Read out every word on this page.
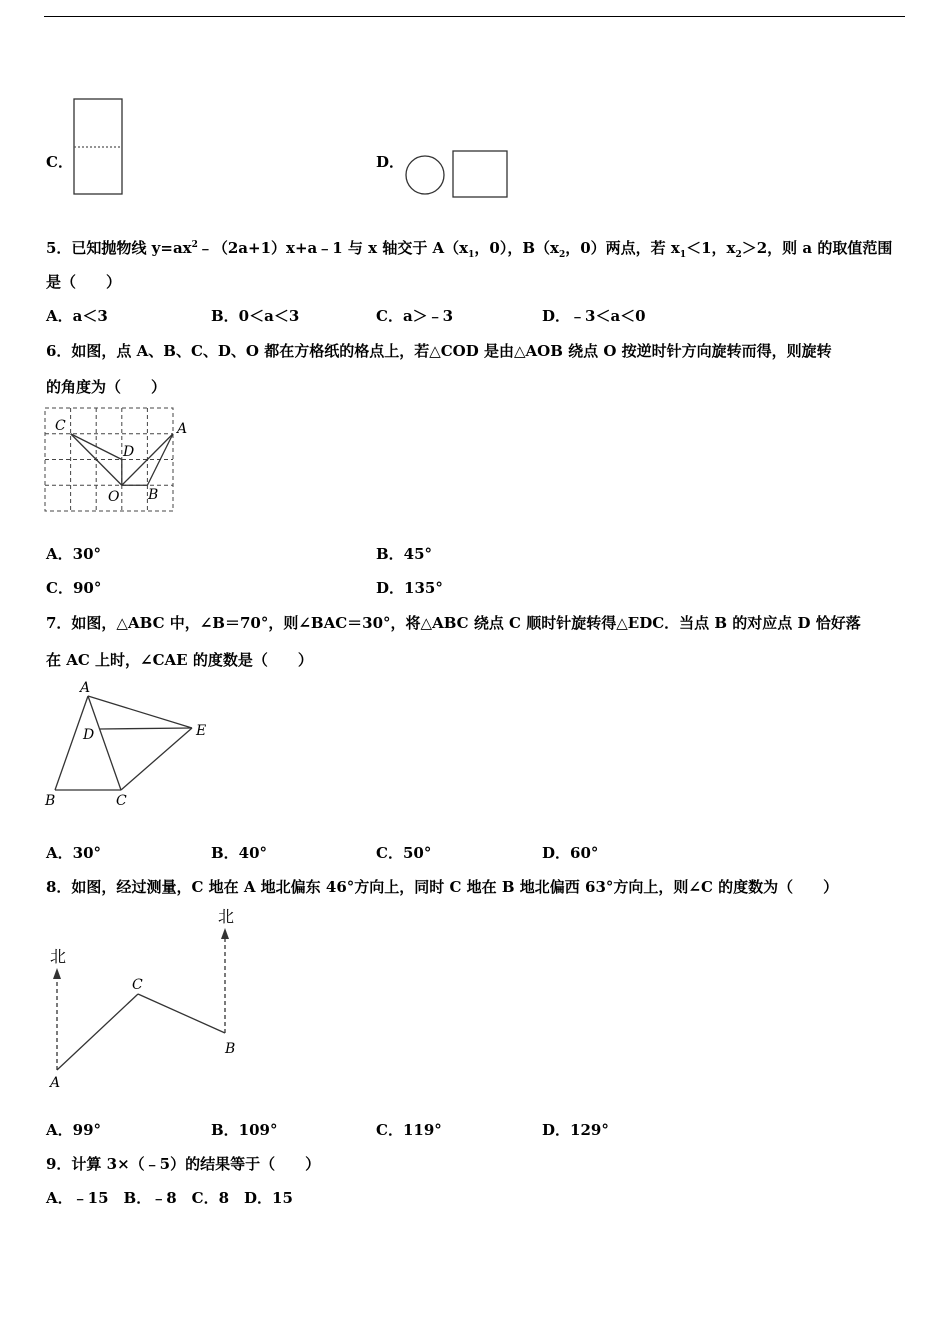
C．	D．
5．已知抛物线 $y=ax^2﹣(2a+1)x+a﹣1$ 与 x 轴交于 $A(x_1$，0），$B(x_2$，0）两点，若 $x_1<1$，$x_2>2$，则 a 的取值范围
是（　　）
A．a＜3	B．0＜a＜3	C．a＞﹣3	D．﹣3＜a＜0
6．如图，点 A、B、C、D、O 都在方格纸的格点上，若△COD 是由△AOB 绕点 O 按逆时针方向旋转而得，则旋转
的角度为（　　）
C
D
A
O B
A．30°	B．45°
C．90°	D．135°
7．如图，△ABC 中，∠B＝70°，则∠BAC＝30°，将△ABC 绕点 C 顺时针旋转得△EDC．当点 B 的对应点 D 恰好落
在 AC 上时，∠CAE 的度数是（　　）
A
D	E
B	C
A．30°	B．40°	C．50°	D．60°
8．如图，经过测量，C 地在 A 地北偏东 46°方向上，同时 C 地在 B 地北偏西 63°方向上，则∠C 的度数为（　　）
北
北
A
C
B
A．99°	B．109°	C．119°	D．129°
9．计算 3×（﹣5）的结果等于（　　）
A．﹣15　B．﹣8　C．8　D．15
